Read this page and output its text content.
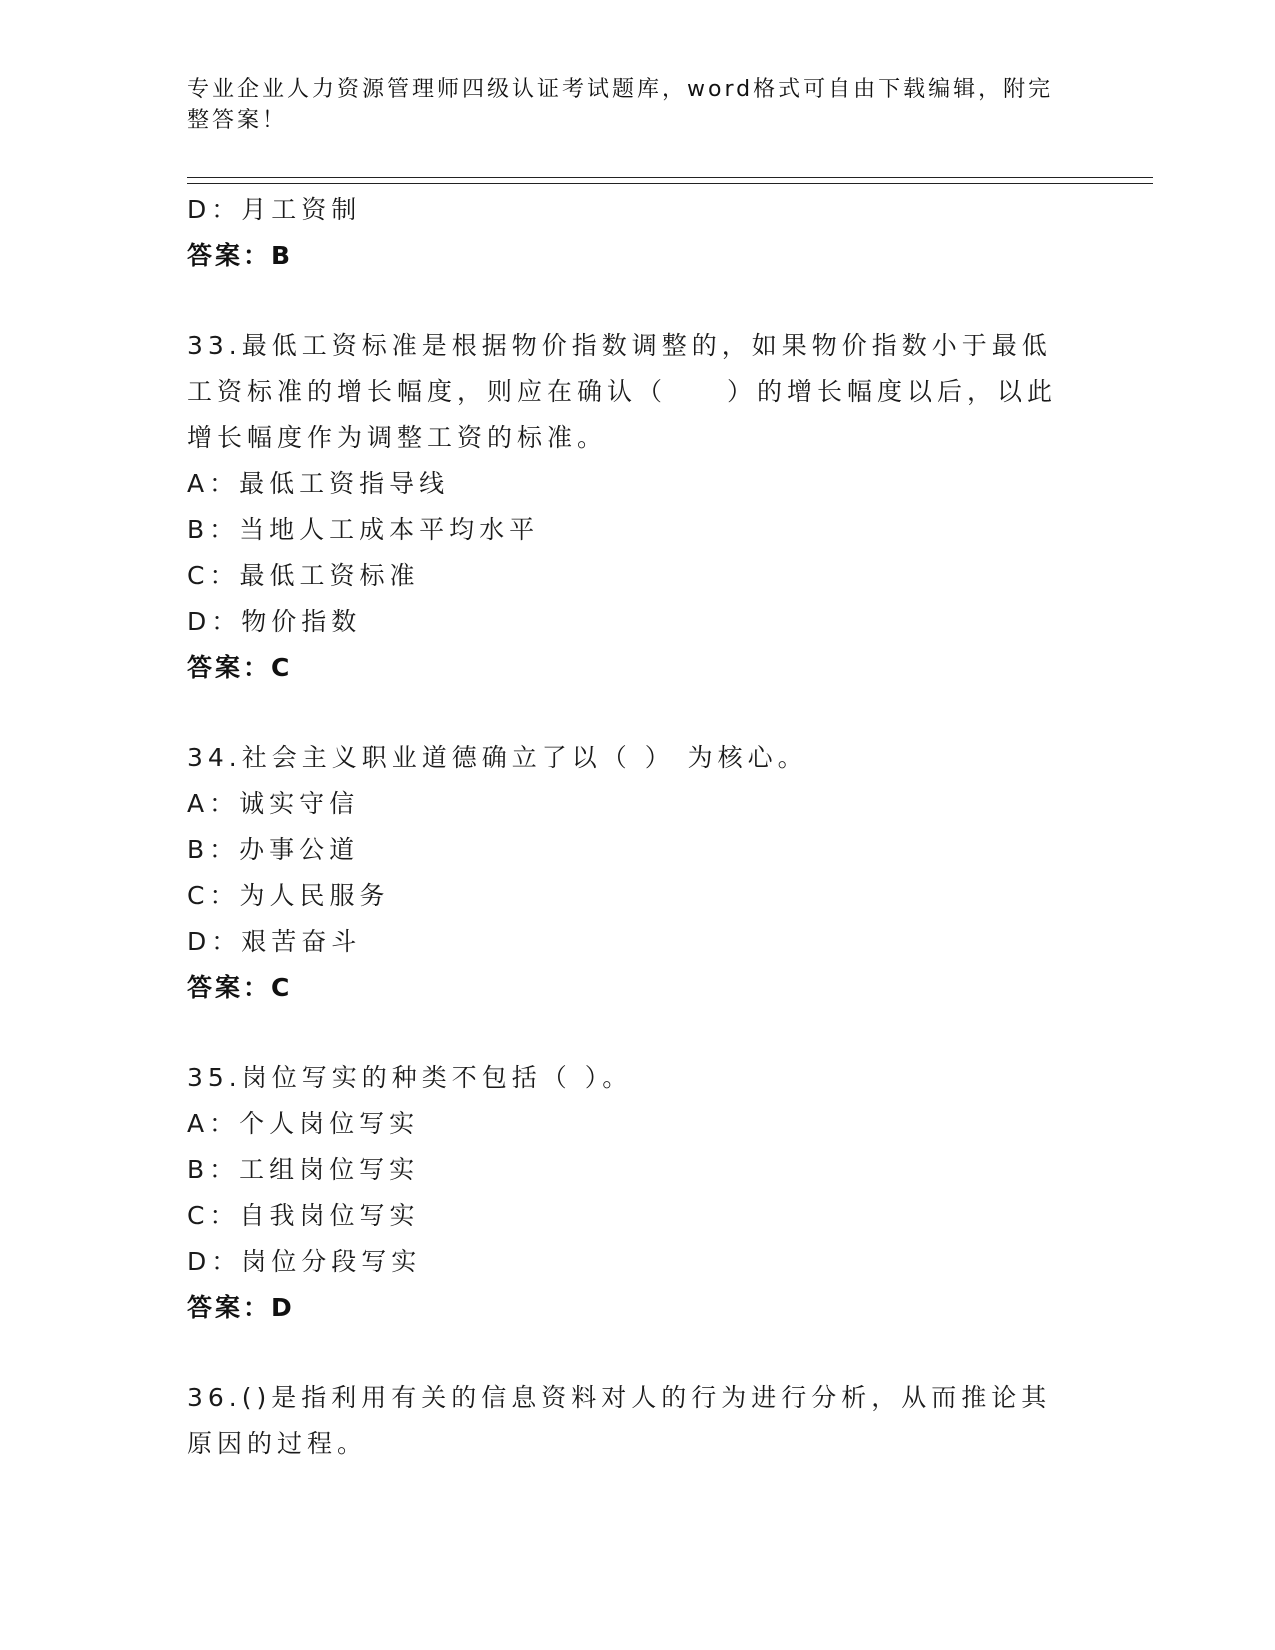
专业企业人力资源管理师四级认证考试题库，word格式可自由下载编辑，附完整答案！
D：月工资制
答案：B
33.最低工资标准是根据物价指数调整的，如果物价指数小于最低工资标准的增长幅度，则应在确认（　　）的增长幅度以后，以此增长幅度作为调整工资的标准。
A：最低工资指导线
B：当地人工成本平均水平
C：最低工资标准
D：物价指数
答案：C
34.社会主义职业道德确立了以（ ） 为核心。
A：诚实守信
B：办事公道
C：为人民服务
D：艰苦奋斗
答案：C
35.岗位写实的种类不包括（ ）。
A：个人岗位写实
B：工组岗位写实
C：自我岗位写实
D：岗位分段写实
答案：D
36.()是指利用有关的信息资料对人的行为进行分析，从而推论其原因的过程。
